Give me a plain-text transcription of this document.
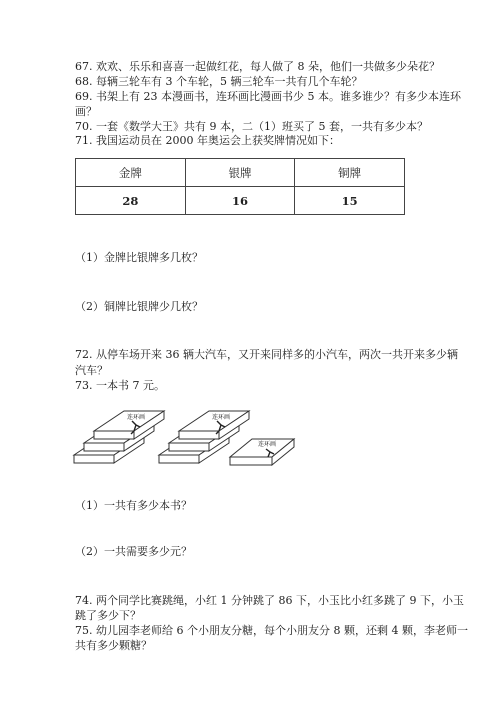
67. 欢欢、乐乐和喜喜一起做红花，每人做了 8 朵，他们一共做多少朵花？
68. 每辆三轮车有 3 个车轮，5 辆三轮车一共有几个车轮？
69. 书架上有 23 本漫画书，连环画比漫画书少 5 本。谁多谁少？有多少本连环
画？
70. 一套《数学大王》共有 9 本，二（1）班买了 5 套，一共有多少本？
71. 我国运动员在 2000 年奥运会上获奖牌情况如下：
金牌	银牌	铜牌
28	16	15
（1）金牌比银牌多几枚？
（2）铜牌比银牌少几枚？
72. 从停车场开来 36 辆大汽车，又开来同样多的小汽车，两次一共开来多少辆
汽车？
73. 一本书 7 元。
连环画	连环画
连环画
（1）一共有多少本书？
（2）一共需要多少元？
74. 两个同学比赛跳绳，小红 1 分钟跳了 86 下，小玉比小红多跳了 9 下，小玉
跳了多少下？
75. 幼儿园李老师给 6 个小朋友分糖，每个小朋友分 8 颗，还剩 4 颗，李老师一
共有多少颗糖？
